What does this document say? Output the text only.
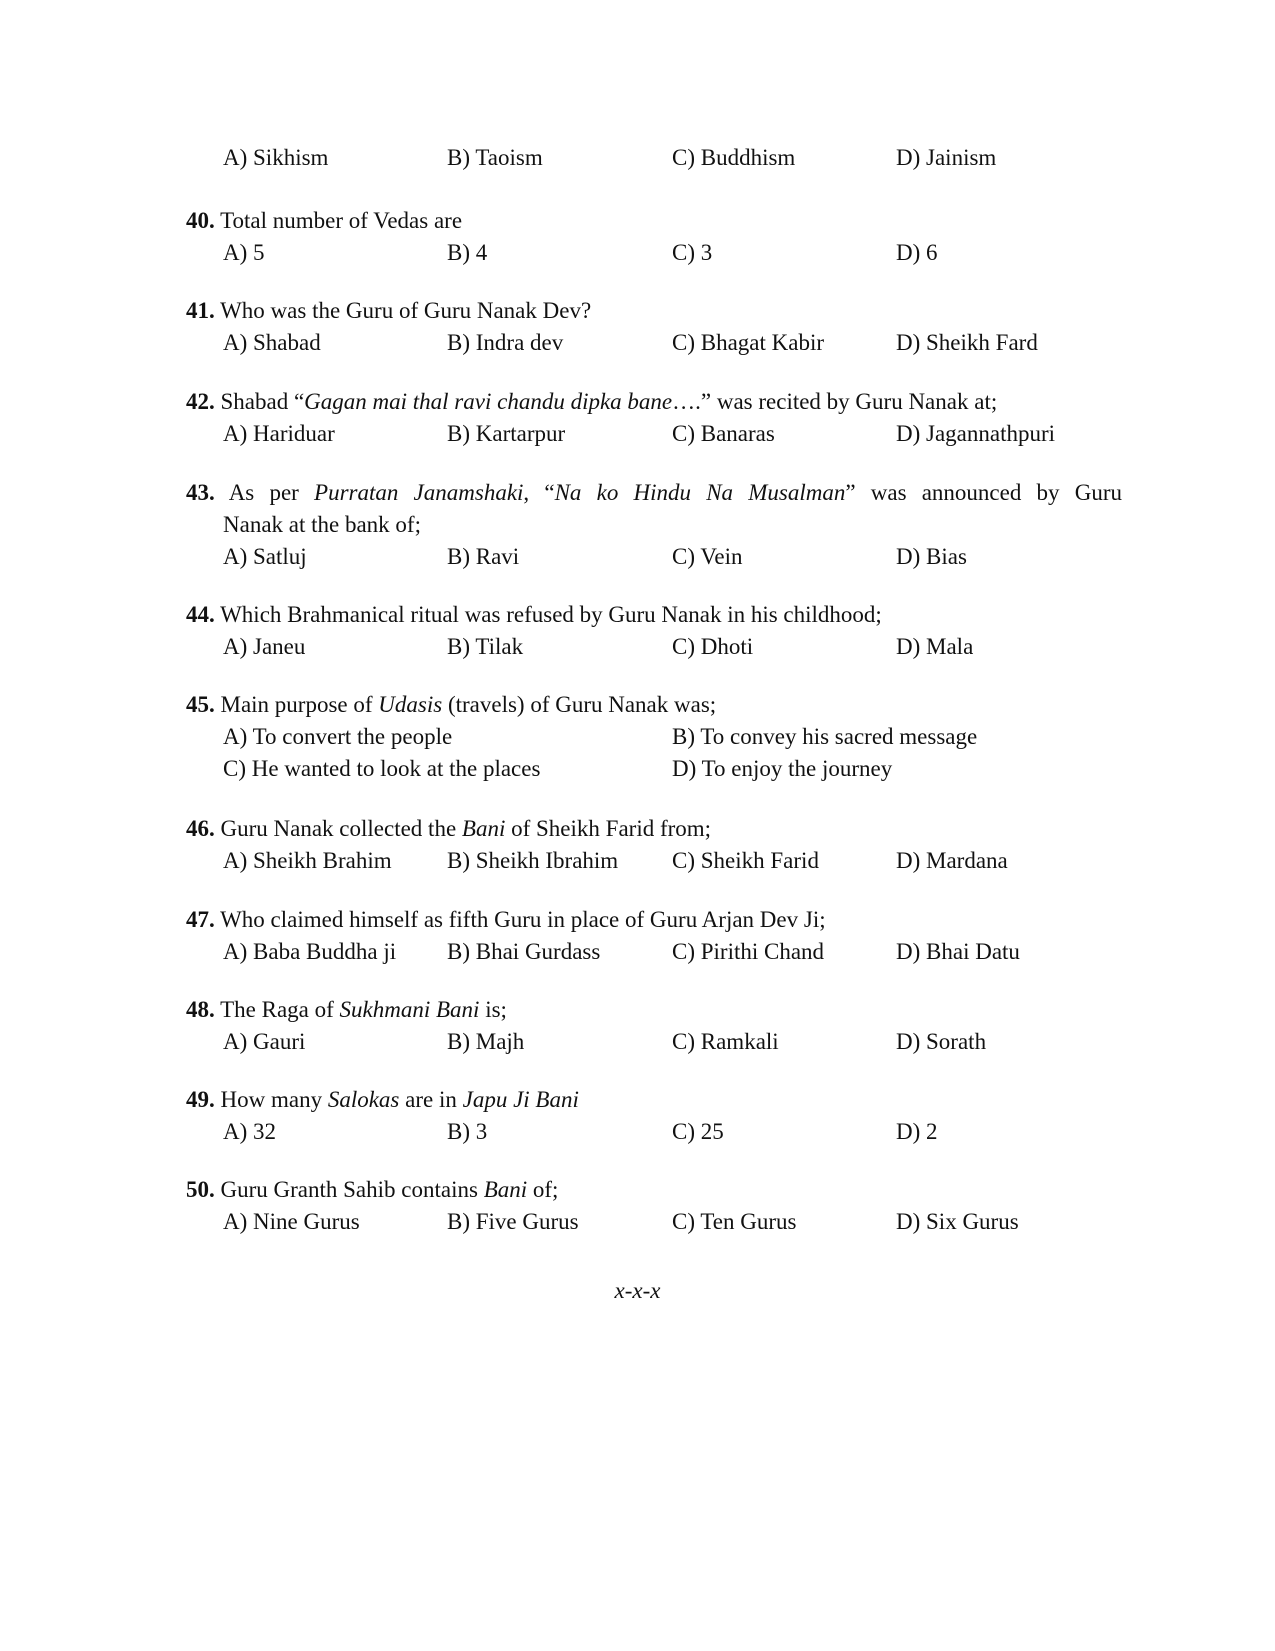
A) Sikhism	B) Taoism	C) Buddhism	D) Jainism
40. Total number of Vedas are
A) 5	B) 4	C) 3	D) 6
41. Who was the Guru of Guru Nanak Dev?
A) Shabad	B) Indra dev	C) Bhagat Kabir	D) Sheikh Fard
42. Shabad “Gagan mai thal ravi chandu dipka bane….” was recited by Guru Nanak at;
A) Hariduar	B) Kartarpur	C) Banaras	D) Jagannathpuri
43. As per Purratan Janamshaki, “Na ko Hindu Na Musalman” was announced by Guru
Nanak at the bank of;
A) Satluj	B) Ravi	C) Vein	D) Bias
44. Which Brahmanical ritual was refused by Guru Nanak in his childhood;
A) Janeu	B) Tilak	C) Dhoti	D) Mala
45. Main purpose of Udasis (travels) of Guru Nanak was;
A) To convert the people	B) To convey his sacred message
C) He wanted to look at the places	D) To enjoy the journey
46. Guru Nanak collected the Bani of Sheikh Farid from;
A) Sheikh Brahim B) Sheikh Ibrahim C) Sheikh Farid	D) Mardana
47. Who claimed himself as fifth Guru in place of Guru Arjan Dev Ji;
A) Baba Buddha ji B) Bhai Gurdass	C) Pirithi Chand	D) Bhai Datu
48. The Raga of Sukhmani Bani is;
A) Gauri	B) Majh	C) Ramkali	D) Sorath
49. How many Salokas are in Japu Ji Bani
A) 32	B) 3	C) 25	D) 2
50. Guru Granth Sahib contains Bani of;
A) Nine Gurus	B) Five Gurus	C) Ten Gurus	D) Six Gurus
x-x-x
